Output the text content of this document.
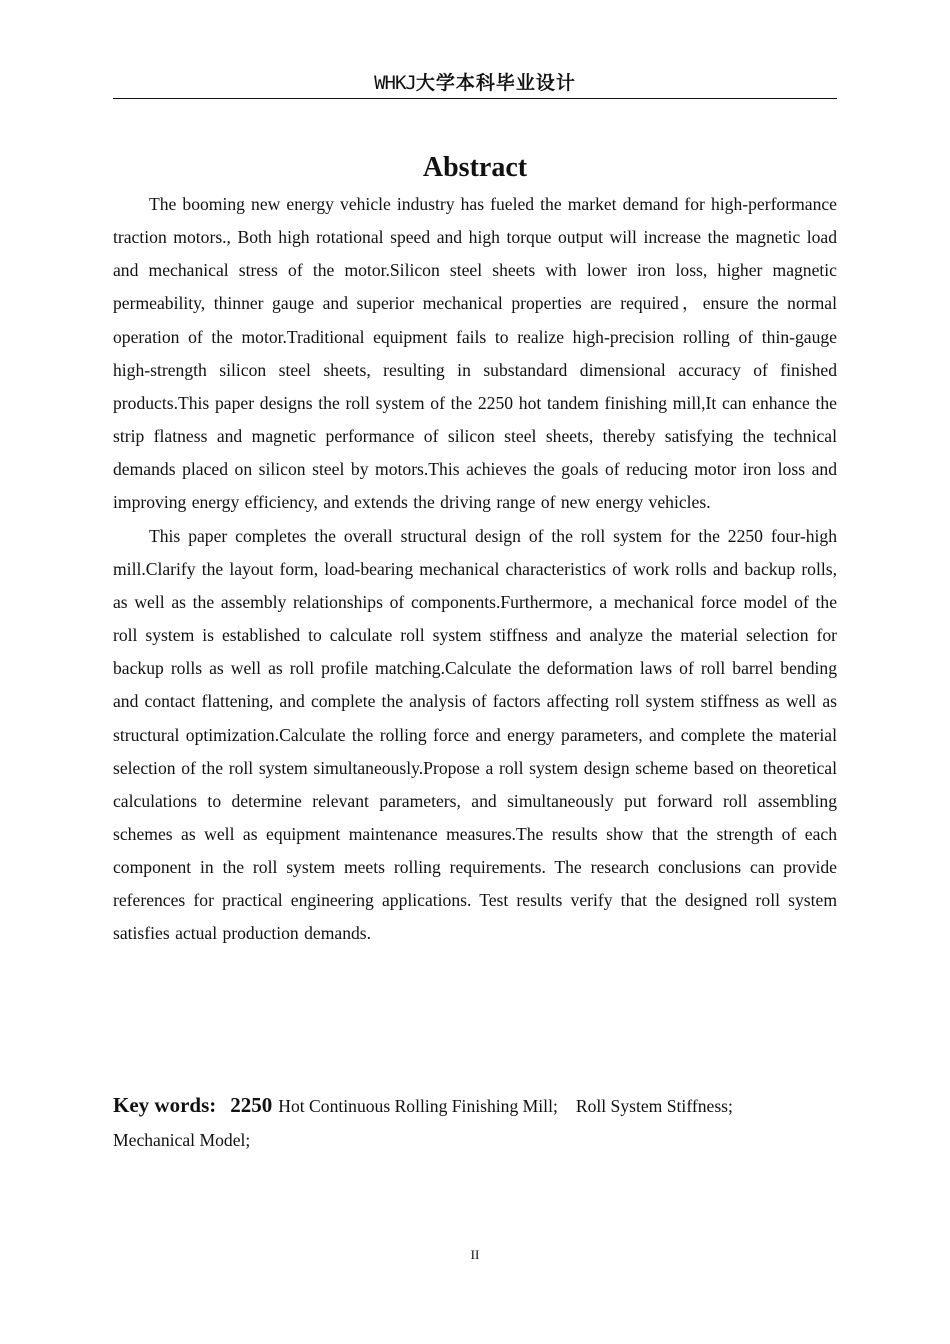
WHKJ大学本科毕业设计
Abstract

The booming new energy vehicle industry has fueled the market demand for high-performance traction motors., Both high rotational speed and high torque output will increase the magnetic load and mechanical stress of the motor.Silicon steel sheets with lower iron loss, higher magnetic permeability, thinner gauge and superior mechanical properties are required，ensure the normal operation of the motor.Traditional equipment fails to realize high-precision rolling of thin-gauge high-strength silicon steel sheets, resulting in substandard dimensional accuracy of finished products.This paper designs the roll system of the 2250 hot tandem finishing mill,It can enhance the strip flatness and magnetic performance of silicon steel sheets, thereby satisfying the technical demands placed on silicon steel by motors.This achieves the goals of reducing motor iron loss and improving energy efficiency, and extends the driving range of new energy vehicles.

This paper completes the overall structural design of the roll system for the 2250 four-high mill.Clarify the layout form, load-bearing mechanical characteristics of work rolls and backup rolls, as well as the assembly relationships of components.Furthermore, a mechanical force model of the roll system is established to calculate roll system stiffness and analyze the material selection for backup rolls as well as roll profile matching.Calculate the deformation laws of roll barrel bending and contact flattening, and complete the analysis of factors affecting roll system stiffness as well as structural optimization.Calculate the rolling force and energy parameters, and complete the material selection of the roll system simultaneously.Propose a roll system design scheme based on theoretical calculations to determine relevant parameters, and simultaneously put forward roll assembling schemes as well as equipment maintenance measures.The results show that the strength of each component in the roll system meets rolling requirements. The research conclusions can provide references for practical engineering applications. Test results verify that the designed roll system satisfies actual production demands.

Key words: 2250 Hot Continuous Rolling Finishing Mill; Roll System Stiffness;
Mechanical Model;
II
